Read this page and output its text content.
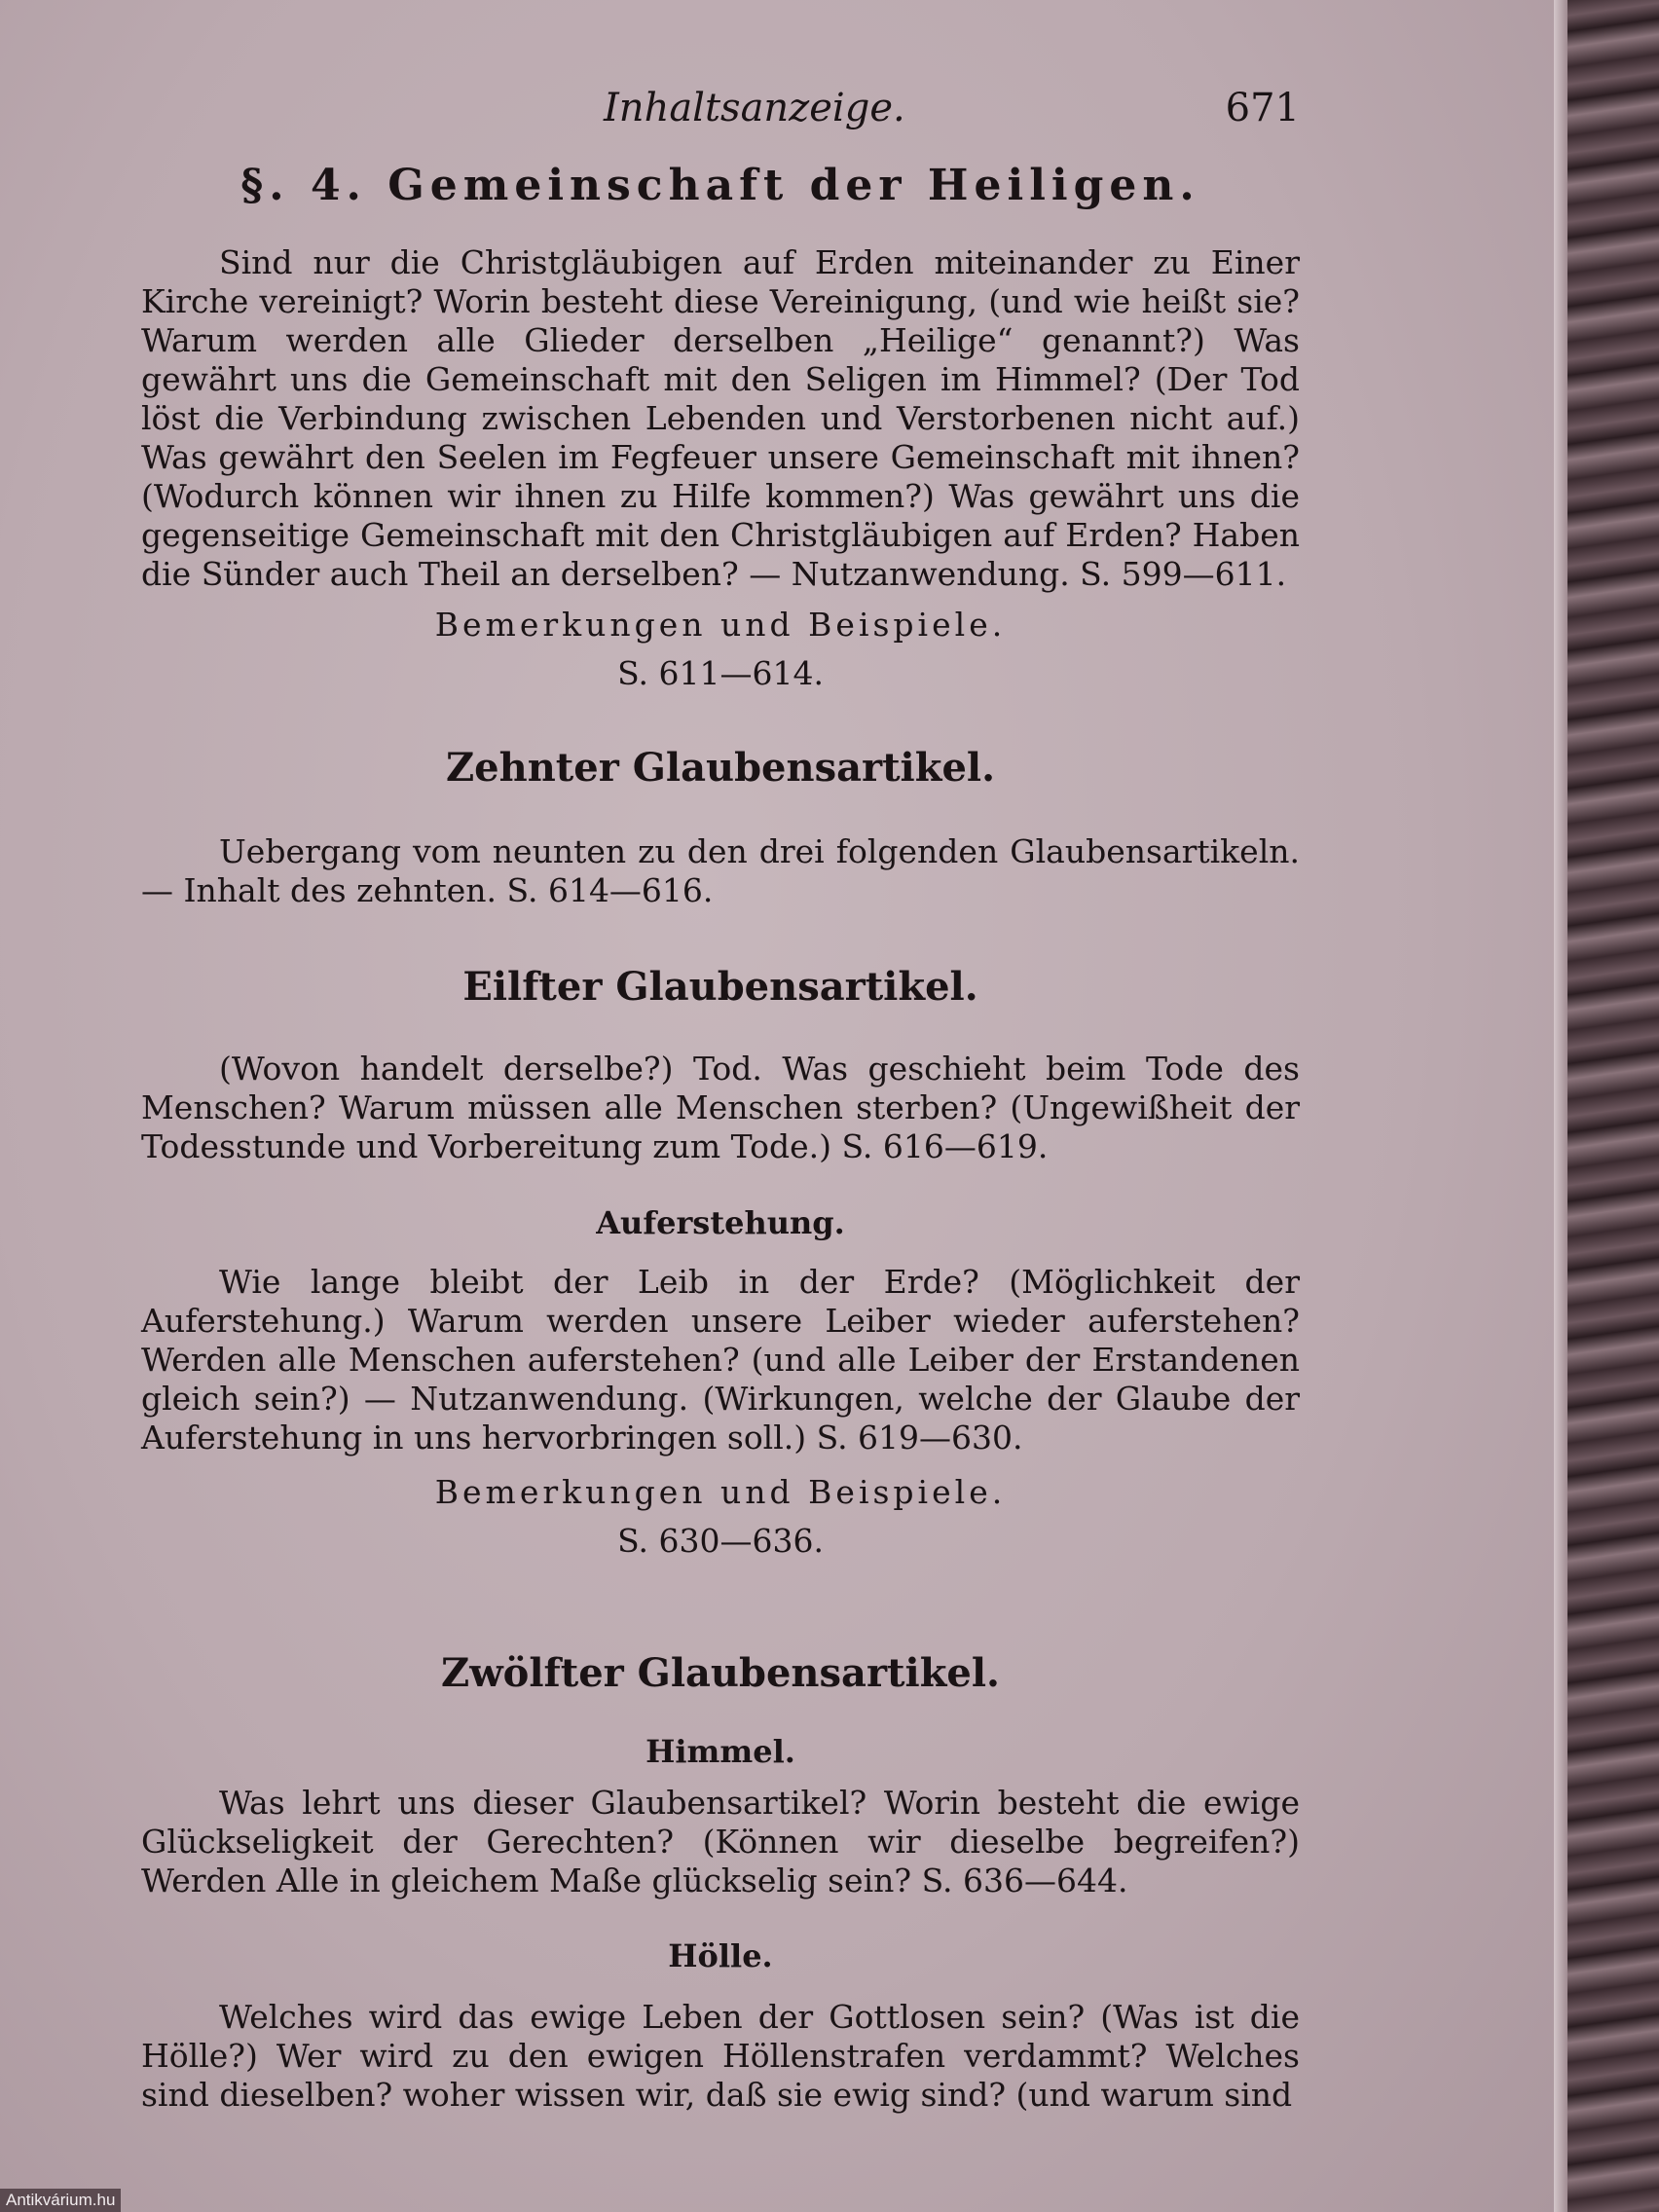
Inhaltsanzeige.	671
§. 4. Gemeinschaft der Heiligen.

Sind nur die Christgläubigen auf Erden miteinander zu Einer Kirche vereinigt? Worin besteht diese Vereinigung, (und wie heißt sie? Warum werden alle Glieder derselben „Heilige“ genannt?) Was gewährt uns die Gemeinschaft mit den Seligen im Himmel? (Der Tod löst die Verbindung zwischen Lebenden und Verstorbenen nicht auf.) Was gewährt den Seelen im Fegfeuer unsere Gemeinschaft mit ihnen? (Wodurch können wir ihnen zu Hilfe kommen?) Was gewährt uns die gegenseitige Gemeinschaft mit den Christgläubigen auf Erden? Haben die Sünder auch Theil an derselben? — Nutzanwendung. S. 599—611.

Bemerkungen und Beispiele.
S. 611—614.
Zehnter Glaubensartikel.

Uebergang vom neunten zu den drei folgenden Glaubensartikeln. — Inhalt des zehnten. S. 614—616.

Eilfter Glaubensartikel.

(Wovon handelt derselbe?) Tod. Was geschieht beim Tode des Menschen? Warum müssen alle Menschen sterben? (Ungewißheit der Todesstunde und Vorbereitung zum Tode.) S. 616—619.

Auferstehung.

Wie lange bleibt der Leib in der Erde? (Möglichkeit der Auferstehung.) Warum werden unsere Leiber wieder auferstehen? Werden alle Menschen auferstehen? (und alle Leiber der Erstandenen gleich sein?) — Nutzanwendung. (Wirkungen, welche der Glaube der Auferstehung in uns hervorbringen soll.) S. 619—630.

Bemerkungen und Beispiele.
S. 630—636.
Zwölfter Glaubensartikel.
Himmel.

Was lehrt uns dieser Glaubensartikel? Worin besteht die ewige Glückseligkeit der Gerechten? (Können wir dieselbe begreifen?) Werden Alle in gleichem Maße glückselig sein? S. 636—644.

Hölle.

Welches wird das ewige Leben der Gottlosen sein? (Was ist die Hölle?) Wer wird zu den ewigen Höllenstrafen verdammt? Welches sind dieselben? woher wissen wir, daß sie ewig sind? (und warum sind

Antikvárium.hu
